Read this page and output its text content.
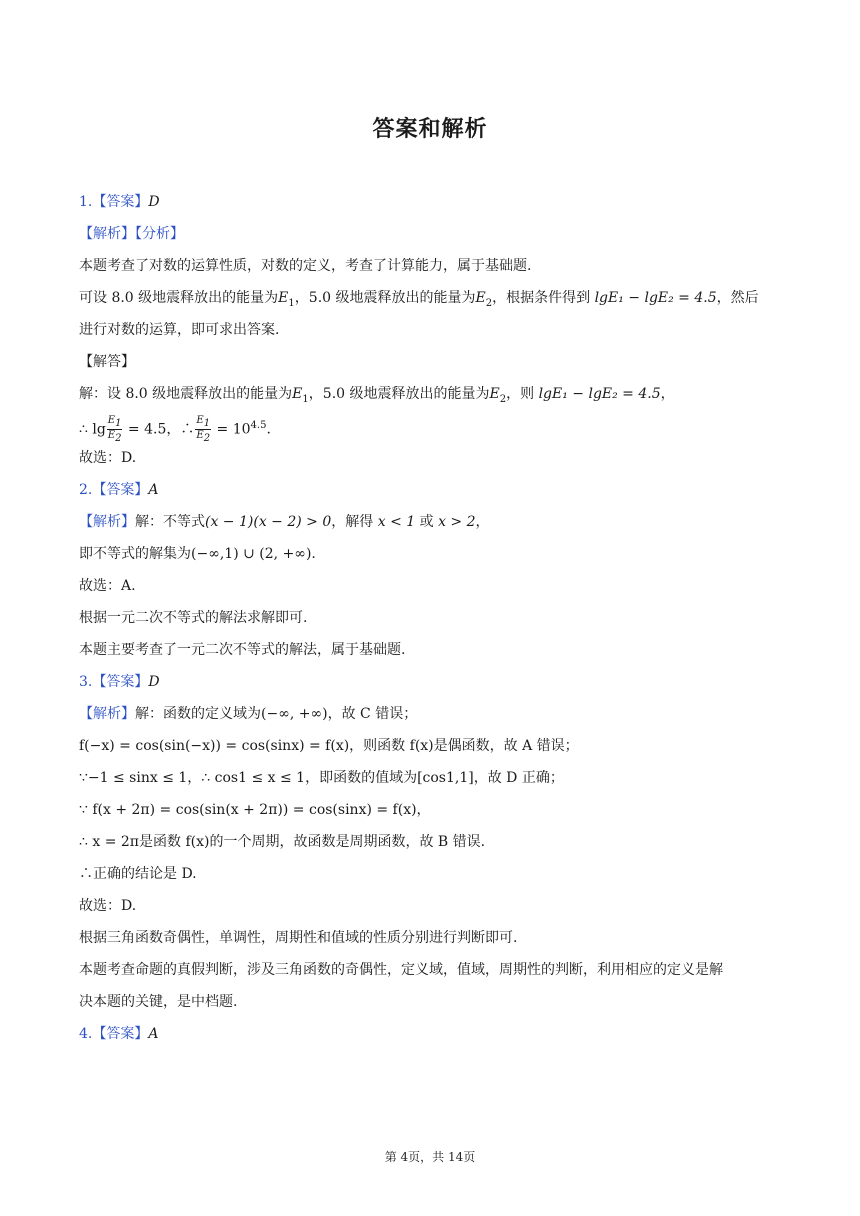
答案和解析
1.【答案】D
【解析】【分析】
本题考查了对数的运算性质，对数的定义，考查了计算能力，属于基础题.
可设 8.0 级地震释放出的能量为$E_1$，5.0 级地震释放出的能量为$E_2$，根据条件得到 lgE₁ − lgE₂ = 4.5，然后
进行对数的运算，即可求出答案.
【解答】
解：设 8.0 级地震释放出的能量为$E_1$，5.0 级地震释放出的能量为$E_2$，则 lgE₁ − lgE₂ = 4.5，
∴ $\lg \frac{E_1}{E_2} = 4.5$，∴ $\frac{E_1}{E_2} = 10^{4.5}$.
故选：D.
2.【答案】A
【解析】解：不等式(x − 1)(x − 2) > 0，解得 x < 1 或 x > 2，
即不等式的解集为(−∞,1) ∪ (2, +∞).
故选：A.
根据一元二次不等式的解法求解即可.
本题主要考查了一元二次不等式的解法，属于基础题.
3.【答案】D
【解析】解：函数的定义域为(−∞, +∞)，故 C 错误；
f(−x) = cos(sin(−x)) = cos(sinx) = f(x)，则函数 f(x)是偶函数，故 A 错误；
∵−1 ≤ sinx ≤ 1，∴ cos1 ≤ x ≤ 1，即函数的值域为[cos1,1]，故 D 正确；
∵ f(x + 2π) = cos(sin(x + 2π)) = cos(sinx) = f(x)，
∴ x = 2π是函数 f(x)的一个周期，故函数是周期函数，故 B 错误.
∴正确的结论是 D.
故选：D.
根据三角函数奇偶性，单调性，周期性和值域的性质分别进行判断即可.
本题考查命题的真假判断，涉及三角函数的奇偶性，定义域，值域，周期性的判断，利用相应的定义是解
决本题的关键，是中档题.
4.【答案】A
第 4页，共 14页
